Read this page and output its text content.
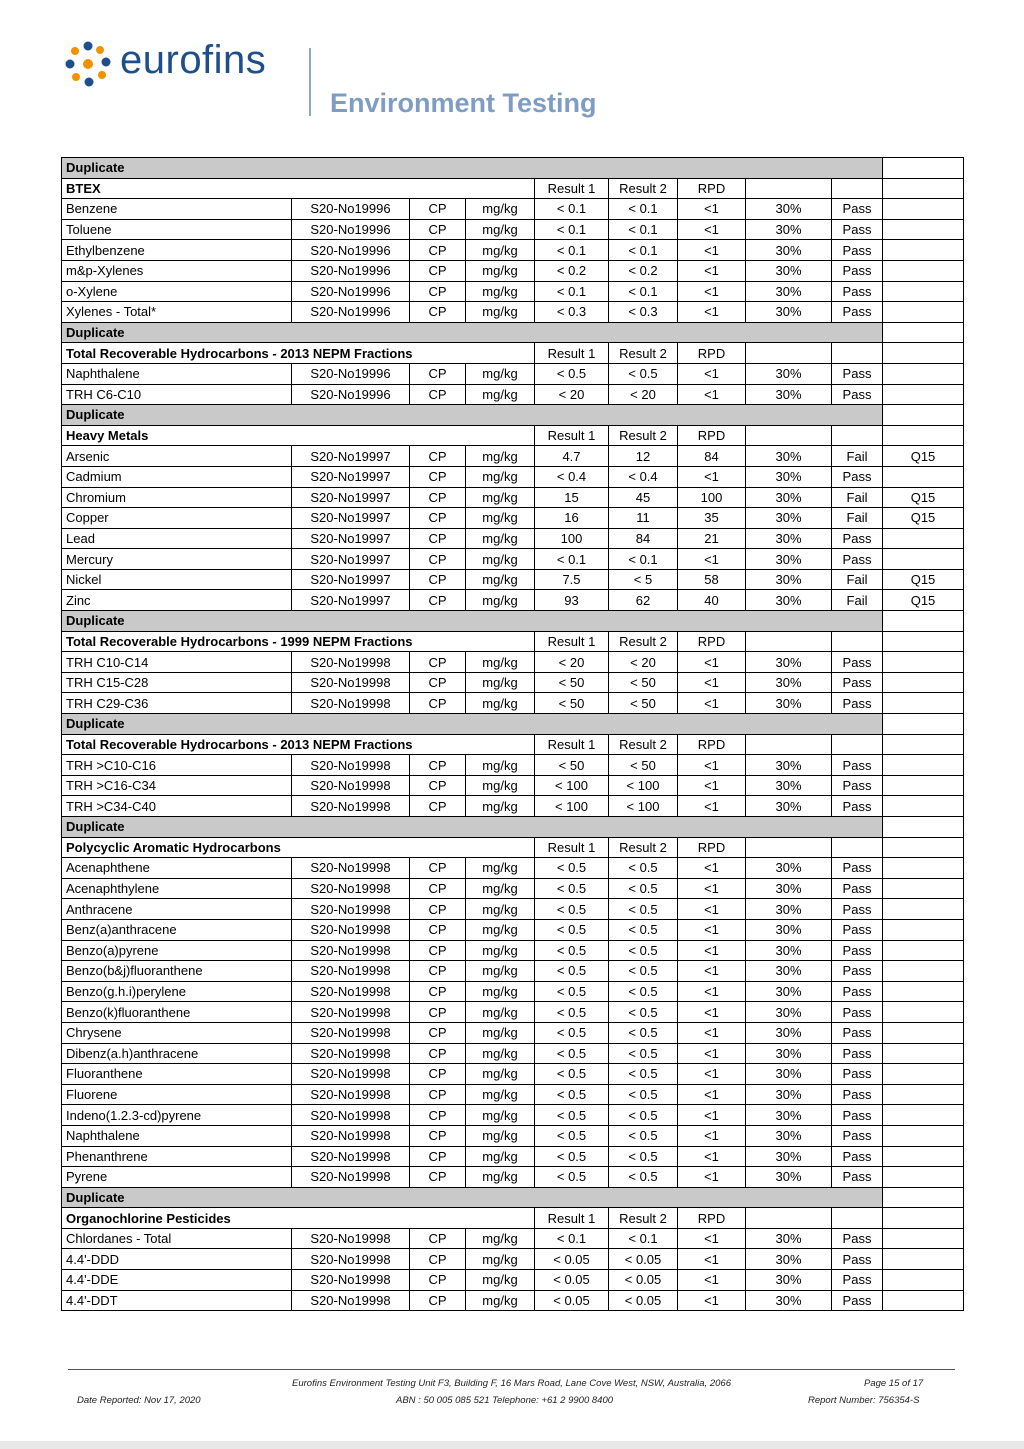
eurofins
Environment Testing
Duplicate									
BTEX				Result 1	Result 2	RPD			
Benzene	S20-No19996	CP	mg/kg	< 0.1	< 0.1	<1	30%	Pass	
Toluene	S20-No19996	CP	mg/kg	< 0.1	< 0.1	<1	30%	Pass	
Ethylbenzene	S20-No19996	CP	mg/kg	< 0.1	< 0.1	<1	30%	Pass	
m&p-Xylenes	S20-No19996	CP	mg/kg	< 0.2	< 0.2	<1	30%	Pass	
o-Xylene	S20-No19996	CP	mg/kg	< 0.1	< 0.1	<1	30%	Pass	
Xylenes - Total*	S20-No19996	CP	mg/kg	< 0.3	< 0.3	<1	30%	Pass	
Duplicate									
Total Recoverable Hydrocarbons - 2013 NEPM Fractions				Result 1	Result 2	RPD			
Naphthalene	S20-No19996	CP	mg/kg	< 0.5	< 0.5	<1	30%	Pass	
TRH C6-C10	S20-No19996	CP	mg/kg	< 20	< 20	<1	30%	Pass	
Duplicate									
Heavy Metals				Result 1	Result 2	RPD			
Arsenic	S20-No19997	CP	mg/kg	4.7	12	84	30%	Fail	Q15
Cadmium	S20-No19997	CP	mg/kg	< 0.4	< 0.4	<1	30%	Pass	
Chromium	S20-No19997	CP	mg/kg	15	45	100	30%	Fail	Q15
Copper	S20-No19997	CP	mg/kg	16	11	35	30%	Fail	Q15
Lead	S20-No19997	CP	mg/kg	100	84	21	30%	Pass	
Mercury	S20-No19997	CP	mg/kg	< 0.1	< 0.1	<1	30%	Pass	
Nickel	S20-No19997	CP	mg/kg	7.5	< 5	58	30%	Fail	Q15
Zinc	S20-No19997	CP	mg/kg	93	62	40	30%	Fail	Q15
Duplicate									
Total Recoverable Hydrocarbons - 1999 NEPM Fractions				Result 1	Result 2	RPD			
TRH C10-C14	S20-No19998	CP	mg/kg	< 20	< 20	<1	30%	Pass	
TRH C15-C28	S20-No19998	CP	mg/kg	< 50	< 50	<1	30%	Pass	
TRH C29-C36	S20-No19998	CP	mg/kg	< 50	< 50	<1	30%	Pass	
Duplicate									
Total Recoverable Hydrocarbons - 2013 NEPM Fractions				Result 1	Result 2	RPD			
TRH >C10-C16	S20-No19998	CP	mg/kg	< 50	< 50	<1	30%	Pass	
TRH >C16-C34	S20-No19998	CP	mg/kg	< 100	< 100	<1	30%	Pass	
TRH >C34-C40	S20-No19998	CP	mg/kg	< 100	< 100	<1	30%	Pass	
Duplicate									
Polycyclic Aromatic Hydrocarbons				Result 1	Result 2	RPD			
Acenaphthene	S20-No19998	CP	mg/kg	< 0.5	< 0.5	<1	30%	Pass	
Acenaphthylene	S20-No19998	CP	mg/kg	< 0.5	< 0.5	<1	30%	Pass	
Anthracene	S20-No19998	CP	mg/kg	< 0.5	< 0.5	<1	30%	Pass	
Benz(a)anthracene	S20-No19998	CP	mg/kg	< 0.5	< 0.5	<1	30%	Pass	
Benzo(a)pyrene	S20-No19998	CP	mg/kg	< 0.5	< 0.5	<1	30%	Pass	
Benzo(b&j)fluoranthene	S20-No19998	CP	mg/kg	< 0.5	< 0.5	<1	30%	Pass	
Benzo(g.h.i)perylene	S20-No19998	CP	mg/kg	< 0.5	< 0.5	<1	30%	Pass	
Benzo(k)fluoranthene	S20-No19998	CP	mg/kg	< 0.5	< 0.5	<1	30%	Pass	
Chrysene	S20-No19998	CP	mg/kg	< 0.5	< 0.5	<1	30%	Pass	
Dibenz(a.h)anthracene	S20-No19998	CP	mg/kg	< 0.5	< 0.5	<1	30%	Pass	
Fluoranthene	S20-No19998	CP	mg/kg	< 0.5	< 0.5	<1	30%	Pass	
Fluorene	S20-No19998	CP	mg/kg	< 0.5	< 0.5	<1	30%	Pass	
Indeno(1.2.3-cd)pyrene	S20-No19998	CP	mg/kg	< 0.5	< 0.5	<1	30%	Pass	
Naphthalene	S20-No19998	CP	mg/kg	< 0.5	< 0.5	<1	30%	Pass	
Phenanthrene	S20-No19998	CP	mg/kg	< 0.5	< 0.5	<1	30%	Pass	
Pyrene	S20-No19998	CP	mg/kg	< 0.5	< 0.5	<1	30%	Pass	
Duplicate									
Organochlorine Pesticides				Result 1	Result 2	RPD			
Chlordanes - Total	S20-No19998	CP	mg/kg	< 0.1	< 0.1	<1	30%	Pass	
4.4'-DDD	S20-No19998	CP	mg/kg	< 0.05	< 0.05	<1	30%	Pass	
4.4'-DDE	S20-No19998	CP	mg/kg	< 0.05	< 0.05	<1	30%	Pass	
4.4'-DDT	S20-No19998	CP	mg/kg	< 0.05	< 0.05	<1	30%	Pass	
Eurofins Environment Testing Unit F3, Building F, 16 Mars Road, Lane Cove West, NSW, Australia, 2066
ABN : 50 005 085 521 Telephone: +61 2 9900 8400
Date Reported: Nov 17, 2020
Page 15 of 17
Report Number: 756354-S
